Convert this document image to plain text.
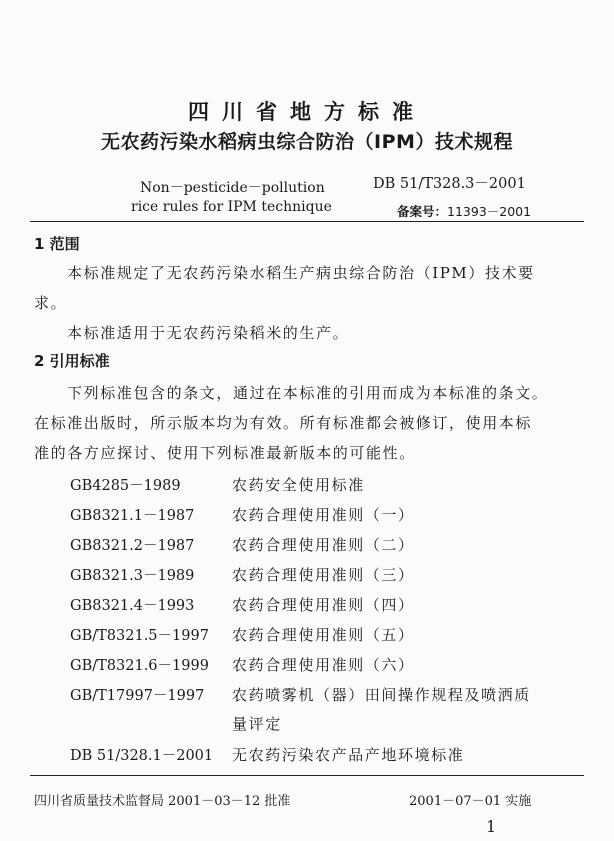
四川省地方标准
无农药污染水稻病虫综合防治（IPM）技术规程
Non－pesticide－pollution
rice rules for IPM technique
DB 51/T328.3－2001
备案号：11393－2001
1 范围
本标准规定了无农药污染水稻生产病虫综合防治（IPM）技术要
求。
本标准适用于无农药污染稻米的生产。
2 引用标准
下列标准包含的条文，通过在本标准的引用而成为本标准的条文。
在标准出版时，所示版本均为有效。所有标准都会被修订，使用本标
准的各方应探讨、使用下列标准最新版本的可能性。
GB4285－1989	农药安全使用标准
GB8321.1－1987	农药合理使用准则（一）
GB8321.2－1987	农药合理使用准则（二）
GB8321.3－1989	农药合理使用准则（三）
GB8321.4－1993	农药合理使用准则（四）
GB/T8321.5－1997 农药合理使用准则（五）
GB/T8321.6－1999 农药合理使用准则（六）
GB/T17997－1997 农药喷雾机（器）田间操作规程及喷洒质
量评定
DB 51/328.1－2001 无农药污染农产品产地环境标准
四川省质量技术监督局 2001－03－12 批准	2001－07－01 实施
1
